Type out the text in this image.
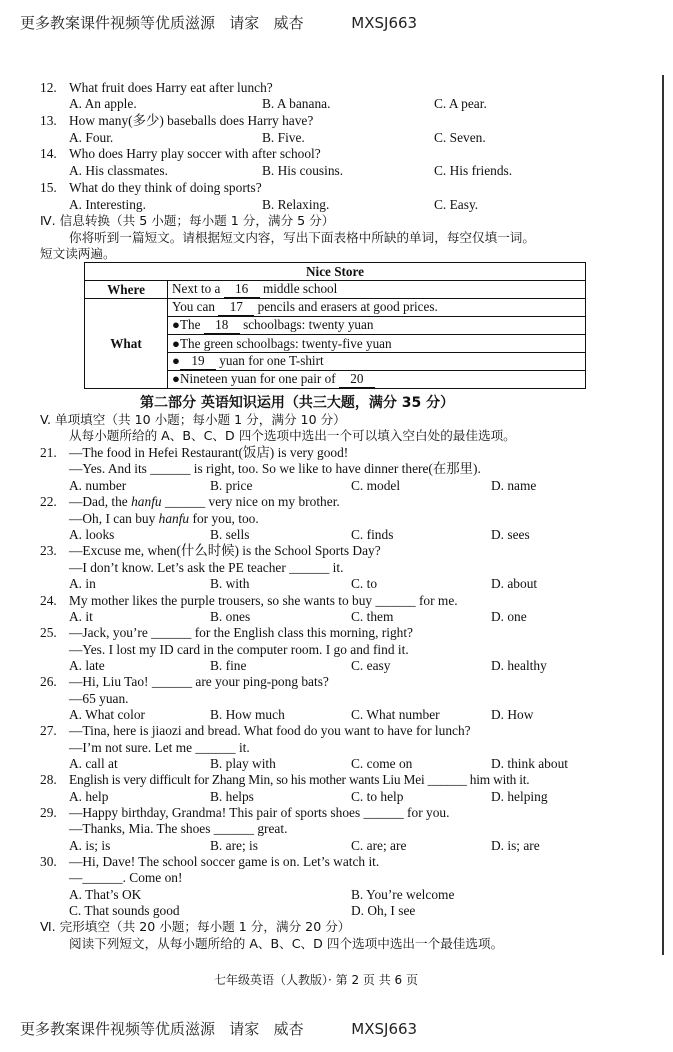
更多教案课件视频等优质滋源   请家   威杏          MXSJ663
12. What fruit does Harry eat after lunch?
A. An apple.	B. A banana.	C. A pear.
13. How many(多少) baseballs does Harry have?
A. Four.	B. Five.	C. Seven.
14. Who does Harry play soccer with after school?
A. His classmates.	B. His cousins.	C. His friends.
15. What do they think of doing sports?
A. Interesting.	B. Relaxing.	C. Easy.
Ⅳ. 信息转换（共 5 小题；每小题 1 分，满分 5 分）
你将听到一篇短文。请根据短文内容，写出下面表格中所缺的单词，每空仅填一词。
短文读两遍。
Nice Store	
Where	Next to a 16 middle school
What	You can 17 pencils and erasers at good prices.
	●The 18 schoolbags: twenty yuan
	●The green schoolbags: twenty-five yuan
	● 19 yuan for one T-shirt
	●Nineteen yuan for one pair of 20
第二部分 英语知识运用（共三大题，满分 35 分）
V. 单项填空（共 10 小题；每小题 1 分，满分 10 分）
从每小题所给的 A、B、C、D 四个选项中选出一个可以填入空白处的最佳选项。
21. —The food in Hefei Restaurant(饭店) is very good!
—Yes. And its ______ is right, too. So we like to have dinner there(在那里).
A. number	B. price	C. model	D. name
22. —Dad, the hanfu ______ very nice on my brother.
—Oh, I can buy hanfu for you, too.
A. looks	B. sells	C. finds	D. sees
23. —Excuse me, when(什么时候) is the School Sports Day?
—I don’t know. Let’s ask the PE teacher ______ it.
A. in	B. with	C. to	D. about
24. My mother likes the purple trousers, so she wants to buy ______ for me.
A. it	B. ones	C. them	D. one
25. —Jack, you’re ______ for the English class this morning, right?
—Yes. I lost my ID card in the computer room. I go and find it.
A. late	B. fine	C. easy	D. healthy
26. —Hi, Liu Tao! ______ are your ping-pong bats?
—65 yuan.
A. What color	B. How much	C. What number	D. How
27. —Tina, here is jiaozi and bread. What food do you want to have for lunch?
—I’m not sure. Let me ______ it.
A. call at	B. play with	C. come on	D. think about
28. English is very difficult for Zhang Min, so his mother wants Liu Mei ______ him with it.
A. help	B. helps	C. to help	D. helping
29. —Happy birthday, Grandma! This pair of sports shoes ______ for you.
—Thanks, Mia. The shoes ______ great.
A. is; is	B. are; is	C. are; are	D. is; are
30. —Hi, Dave! The school soccer game is on. Let’s watch it.
—______. Come on!
A. That’s OK	B. You’re welcome
C. That sounds good	D. Oh, I see
Ⅵ. 完形填空（共 20 小题；每小题 1 分，满分 20 分）
阅读下列短文，从每小题所给的 A、B、C、D 四个选项中选出一个最佳选项。
七年级英语（人教版）· 第 2 页 共 6 页
更多教案课件视频等优质滋源   请家   威杏          MXSJ663
